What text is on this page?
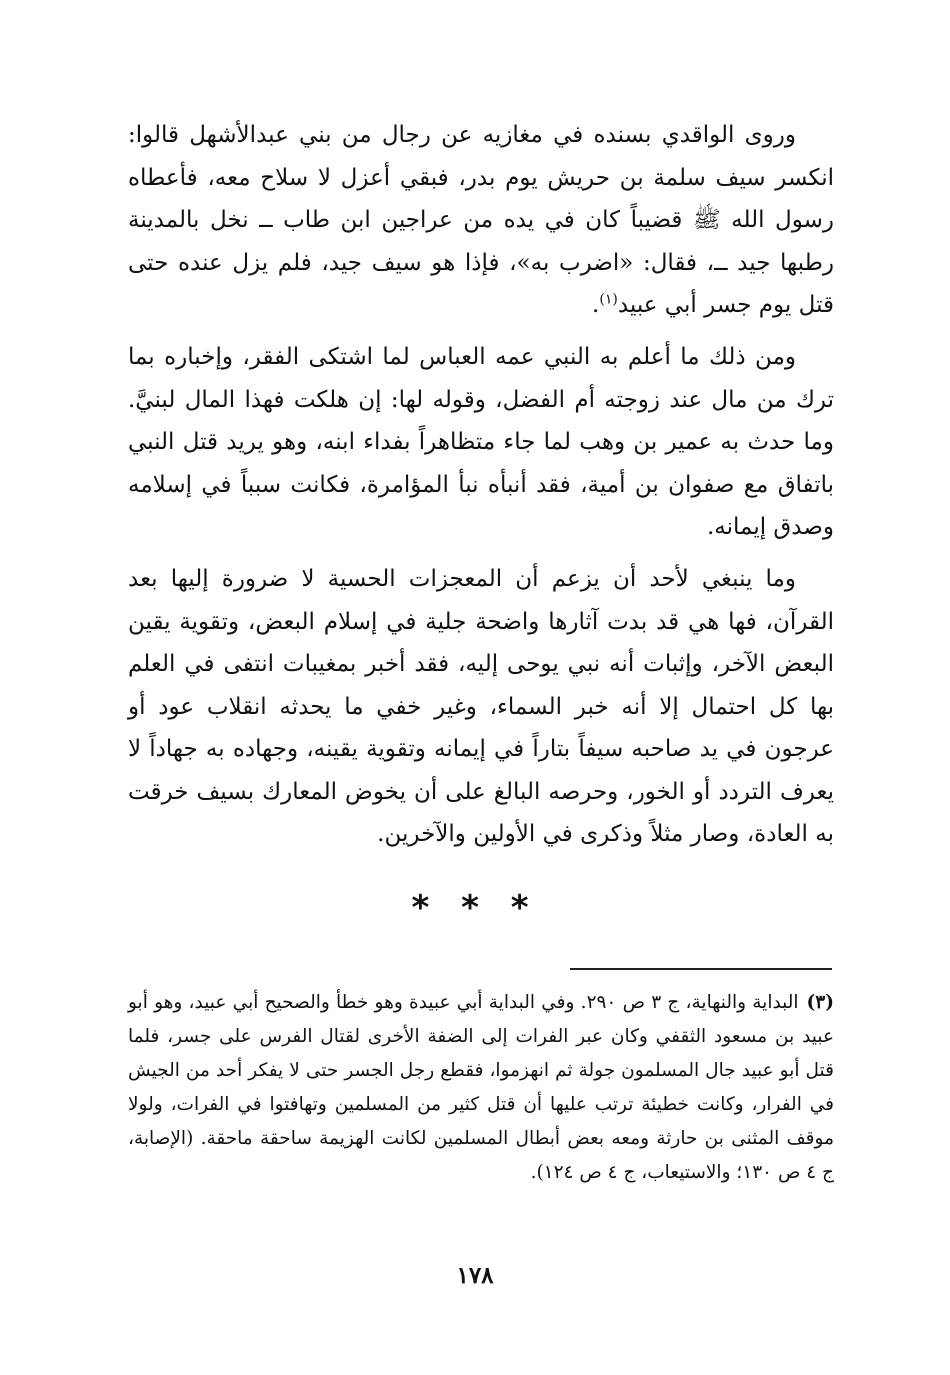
وروى الواقدي بسنده في مغازيه عن رجال من بني عبدالأشهل قالوا: انكسر سيف سلمة بن حريش يوم بدر، فبقي أعزل لا سلاح معه، فأعطاه رسول الله ﷺ قضيباً كان في يده من عراجين ابن طاب ــ نخل بالمدينة رطبها جيد ــ، فقال: «اضرب به»، فإذا هو سيف جيد، فلم يزل عنده حتى قتل يوم جسر أبي عبيد$^{(١)}$.

ومن ذلك ما أعلم به النبي عمه العباس لما اشتكى الفقر، وإخباره بما ترك من مال عند زوجته أم الفضل، وقوله لها: إن هلكت فهذا المال لبنيَّ. وما حدث به عمير بن وهب لما جاء متظاهراً بفداء ابنه، وهو يريد قتل النبي باتفاق مع صفوان بن أمية، فقد أنبأه نبأ المؤامرة، فكانت سبباً في إسلامه وصدق إيمانه.

وما ينبغي لأحد أن يزعم أن المعجزات الحسية لا ضرورة إليها بعد القرآن، فها هي قد بدت آثارها واضحة جلية في إسلام البعض، وتقوية يقين البعض الآخر، وإثبات أنه نبي يوحى إليه، فقد أخبر بمغيبات انتفى في العلم بها كل احتمال إلا أنه خبر السماء، وغير خفي ما يحدثه انقلاب عود أو عرجون في يد صاحبه سيفاً بتاراً في إيمانه وتقوية يقينه، وجهاده به جهاداً لا يعرف التردد أو الخور، وحرصه البالغ على أن يخوض المعارك بسيف خرقت به العادة، وصار مثلاً وذكرى في الأولين والآخرين.

* * *
(٣)البداية والنهاية، ج ٣ ص ٢٩٠. وفي البداية أبي عبيدة وهو خطأ والصحيح أبي عبيد، وهو أبو عبيد بن مسعود الثقفي وكان عبر الفرات إلى الضفة الأخرى لقتال الفرس على جسر، فلما قتل أبو عبيد جال المسلمون جولة ثم انهزموا، فقطع رجل الجسر حتى لا يفكر أحد من الجيش في الفرار، وكانت خطيئة ترتب عليها أن قتل كثير من المسلمين وتهافتوا في الفرات، ولولا موقف المثنى بن حارثة ومعه بعض أبطال المسلمين لكانت الهزيمة ساحقة ماحقة. (الإصابة، ج ٤ ص ١٣٠؛ والاستيعاب، ج ٤ ص ١٢٤).
١٧٨
